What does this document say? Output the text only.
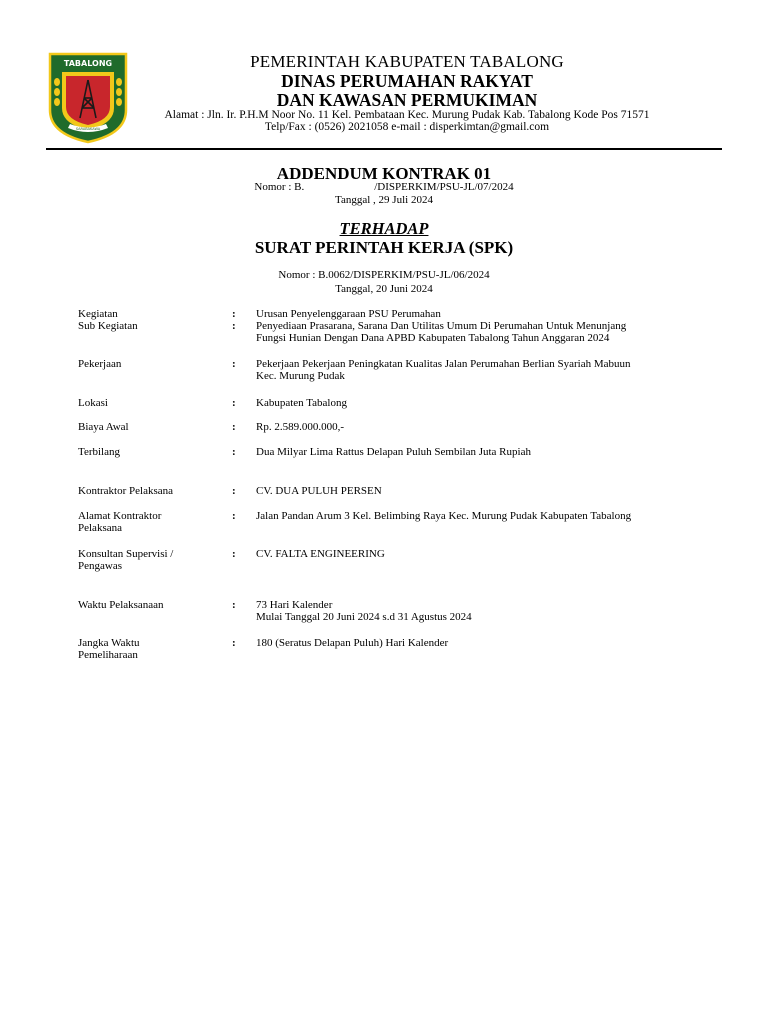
TABALONG
SARABAKAWA
PEMERINTAH KABUPATEN TABALONG
DINAS PERUMAHAN RAKYAT
DAN KAWASAN PERMUKIMAN
Alamat : Jln. Ir. P.H.M Noor No. 11 Kel. Pembataan Kec. Murung Pudak Kab. Tabalong Kode Pos 71571
Telp/Fax : (0526) 2021058 e-mail : disperkimtan@gmail.com
ADDENDUM KONTRAK 01
Nomor : B.	/DISPERKIM/PSU-JL/07/2024
Tanggal , 29 Juli 2024
TERHADAP
SURAT PERINTAH KERJA (SPK)
Nomor : B.0062/DISPERKIM/PSU-JL/06/2024
Tanggal, 20 Juni 2024
Kegiatan	: Urusan Penyelenggaraan PSU Perumahan
Sub Kegiatan	: Penyediaan Prasarana, Sarana Dan Utilitas Umum Di Perumahan Untuk Menunjang
Fungsi Hunian Dengan Dana APBD Kabupaten Tabalong Tahun Anggaran 2024
Pekerjaan	: Pekerjaan Pekerjaan Peningkatan Kualitas Jalan Perumahan Berlian Syariah Mabuun
Kec. Murung Pudak
Lokasi	: Kabupaten Tabalong
Biaya Awal	: Rp. 2.589.000.000,-
Terbilang	: Dua Milyar Lima Rattus Delapan Puluh Sembilan Juta Rupiah
Kontraktor Pelaksana	: CV. DUA PULUH PERSEN
Alamat Kontraktor
Pelaksana
: Jalan Pandan Arum 3 Kel. Belimbing Raya Kec. Murung Pudak Kabupaten Tabalong
Konsultan Supervisi /
Pengawas
: CV. FALTA ENGINEERING
Waktu Pelaksanaan	: 73 Hari Kalender
Mulai Tanggal 20 Juni 2024 s.d 31 Agustus 2024
Jangka Waktu
Pemeliharaan
: 180 (Seratus Delapan Puluh) Hari Kalender
